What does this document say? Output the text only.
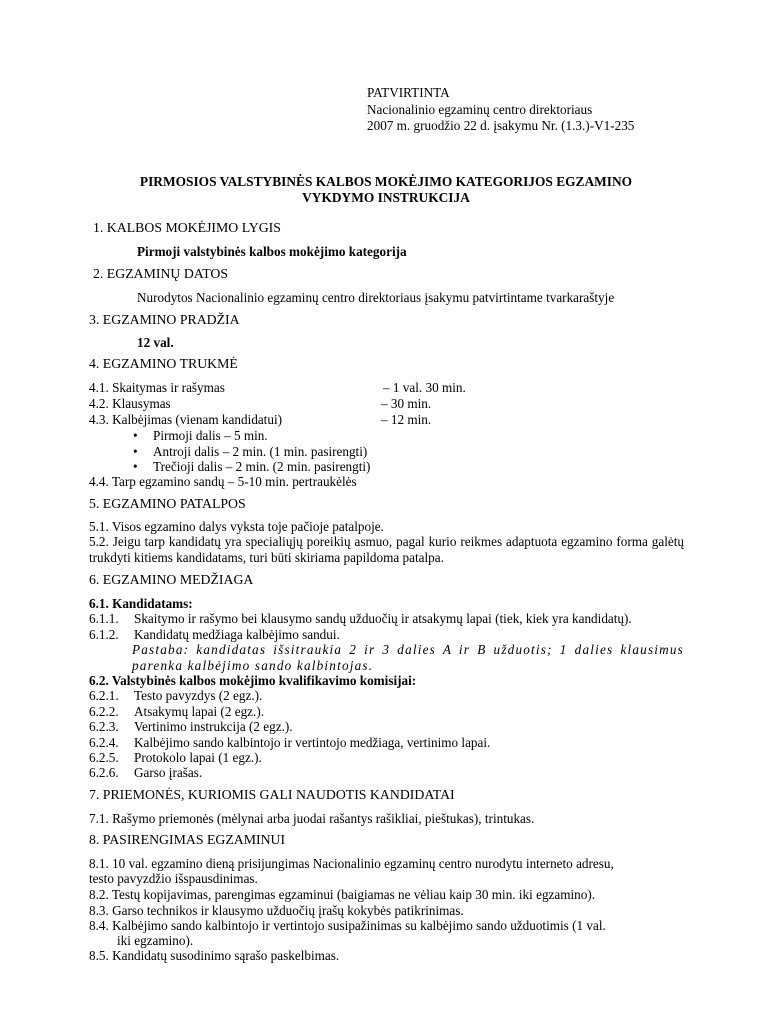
PATVIRTINTA
Nacionalinio egzaminų centro direktoriaus
2007 m. gruodžio 22 d. įsakymu Nr. (1.3.)-V1-235
PIRMOSIOS VALSTYBINĖS KALBOS MOKĖJIMO KATEGORIJOS EGZAMINO
VYKDYMO INSTRUKCIJA
1. KALBOS MOKĖJIMO LYGIS
Pirmoji valstybinės kalbos mokėjimo kategorija
2. EGZAMINŲ DATOS
Nurodytos Nacionalinio egzaminų centro direktoriaus įsakymu patvirtintame tvarkaraštyje
3. EGZAMINO PRADŽIA
12 val.
4. EGZAMINO TRUKMĖ
4.1. Skaitymas ir rašymas	– 1 val. 30 min.
4.2. Klausymas	– 30 min.
4.3. Kalbėjimas (vienam kandidatui)	– 12 min.
• Pirmoji dalis – 5 min.
• Antroji dalis – 2 min. (1 min. pasirengti)
• Trečioji dalis – 2 min. (2 min. pasirengti)
4.4. Tarp egzamino sandų – 5-10 min. pertraukėlės
5. EGZAMINO PATALPOS
5.1. Visos egzamino dalys vyksta toje pačioje patalpoje.
5.2. Jeigu tarp kandidatų yra specialiųjų poreikių asmuo, pagal kurio reikmes adaptuota egzamino forma galėtų trukdyti kitiems kandidatams, turi būti skiriama papildoma patalpa.
6. EGZAMINO MEDŽIAGA
6.1. Kandidatams:
6.1.1. Skaitymo ir rašymo bei klausymo sandų užduočių ir atsakymų lapai (tiek, kiek yra kandidatų).
6.1.2. Kandidatų medžiaga kalbėjimo sandui.
Pastaba: kandidatas išsitraukia 2 ir 3 dalies A ir B užduotis; 1 dalies klausimus parenka kalbėjimo sando kalbintojas.
6.2. Valstybinės kalbos mokėjimo kvalifikavimo komisijai:
6.2.1. Testo pavyzdys (2 egz.).
6.2.2. Atsakymų lapai (2 egz.).
6.2.3. Vertinimo instrukcija (2 egz.).
6.2.4. Kalbėjimo sando kalbintojo ir vertintojo medžiaga, vertinimo lapai.
6.2.5. Protokolo lapai (1 egz.).
6.2.6. Garso įrašas.
7. PRIEMONĖS, KURIOMIS GALI NAUDOTIS KANDIDATAI
7.1. Rašymo priemonės (mėlynai arba juodai rašantys rašikliai, pieštukas), trintukas.
8. PASIRENGIMAS EGZAMINUI
8.1. 10 val. egzamino dieną prisijungimas Nacionalinio egzaminų centro nurodytu interneto adresu,
testo pavyzdžio išspausdinimas.
8.2. Testų kopijavimas, parengimas egzaminui (baigiamas ne vėliau kaip 30 min. iki egzamino).
8.3. Garso technikos ir klausymo užduočių įrašų kokybės patikrinimas.
8.4. Kalbėjimo sando kalbintojo ir vertintojo susipažinimas su kalbėjimo sando užduotimis (1 val.
iki egzamino).
8.5. Kandidatų susodinimo sąrašo paskelbimas.
